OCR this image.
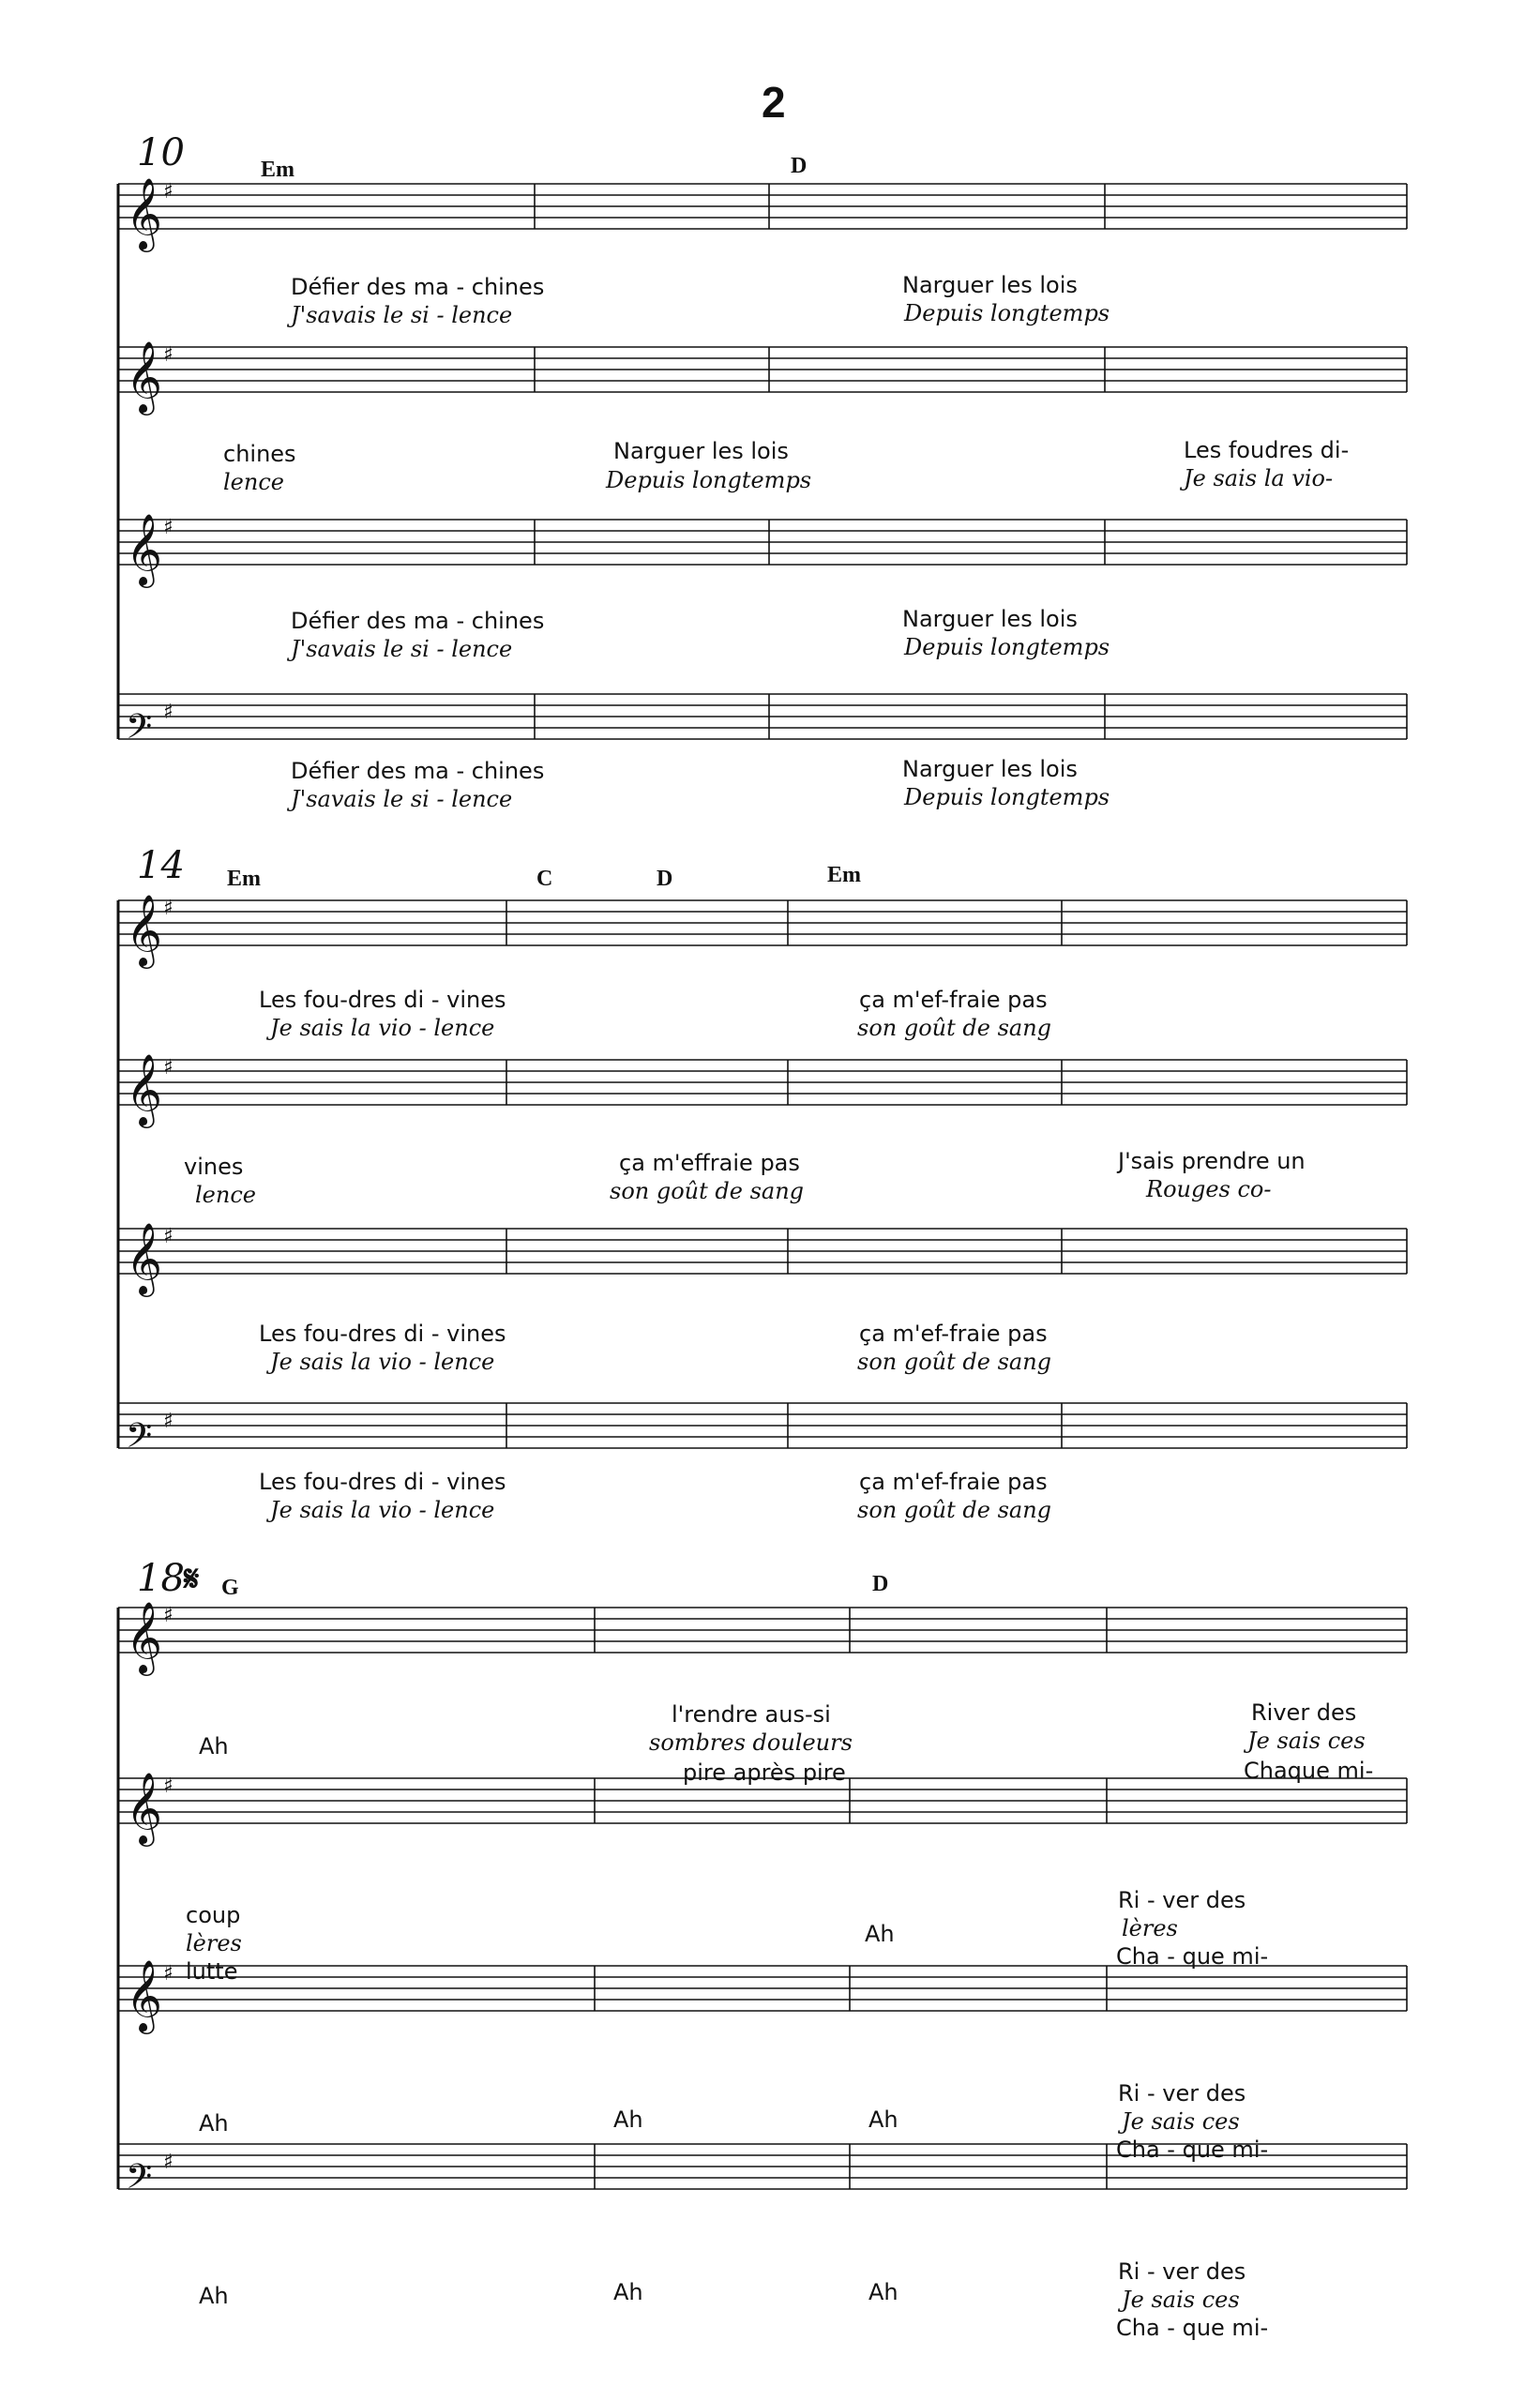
2
𝄞 ♯
𝄞 ♯
𝄞 ♯
𝄢 ♯
𝄞 ♯
𝄞 ♯
𝄞 ♯
𝄢 ♯
𝄞 ♯
𝄞 ♯
𝄞 ♯
𝄢 ♯
10	Em	D
Défier des ma - chines	Narguer les lois
J'savais le si - lence	Depuis longtemps
chines	Narguer les lois	Les foudres di-
lence	Depuis longtemps	Je sais la vio-
Défier des ma - chines	Narguer les lois
J'savais le si - lence	Depuis longtemps
Défier des ma - chines	Narguer les lois
J'savais le si - lence	Depuis longtemps
14 Em	C	D	Em
Les fou-dres di - vines	ça m'ef-fraie pas
Je sais la vio - lence	son goût de sang
vines	ça m'effraie pas	J'sais prendre un
lence	son goût de sang	Rouges co-
Les fou-dres di - vines	ça m'ef-fraie pas
Je sais la vio - lence	son goût de sang
Les fou-dres di - vines	ça m'ef-fraie pas
Je sais la vio - lence	son goût de sang
18 𝄋 G	D
Ah
l'rendre aus-si	River des
sombres douleurs	Je sais ces
pire après pire	Chaque mi-
coup
lères
lutte
Ah
Ri - ver des
lères
Cha - que mi-
Ah	Ah	Ah
Ri - ver des
Je sais ces
Cha - que mi-
Ah	Ah	Ah
Ri - ver des
Je sais ces
Cha - que mi-
